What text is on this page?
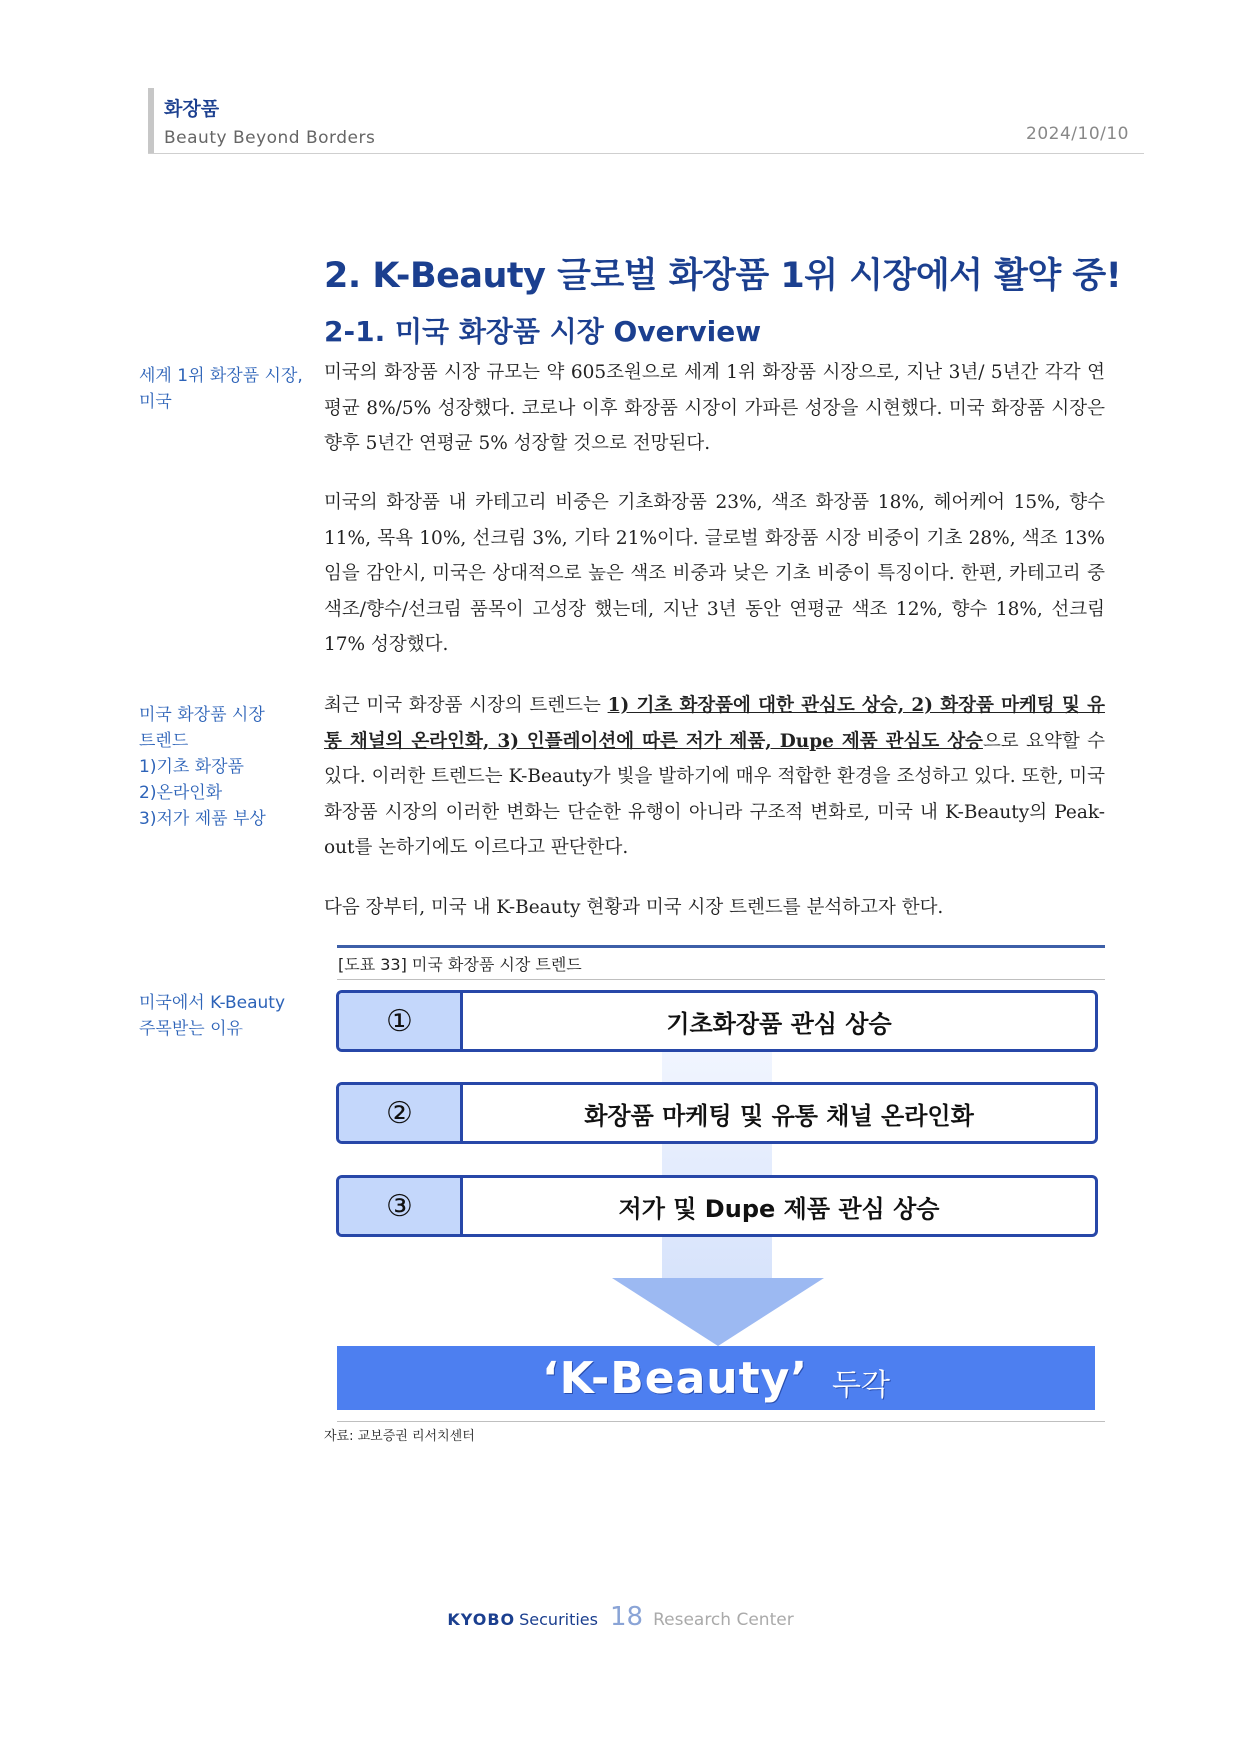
화장품
Beauty Beyond Borders	2024/10/10
2. K-Beauty 글로벌 화장품 1위 시장에서 활약 중!
2-1. 미국 화장품 시장 Overview
세계 1위 화장품 시장,
미국
미국 화장품 시장
트렌드
1)기초 화장품
2)온라인화
3)저가 제품 부상
미국에서 K-Beauty
주목받는 이유

미국의 화장품 시장 규모는 약 605조원으로 세계 1위 화장품 시장으로, 지난 3년/ 5년간 각각 연평균 8%/5% 성장했다. 코로나 이후 화장품 시장이 가파른 성장을 시현했다. 미국 화장품 시장은 향후 5년간 연평균 5% 성장할 것으로 전망된다.

미국의 화장품 내 카테고리 비중은 기초화장품 23%, 색조 화장품 18%, 헤어케어 15%, 향수 11%, 목욕 10%, 선크림 3%, 기타 21%이다. 글로벌 화장품 시장 비중이 기초 28%, 색조 13%임을 감안시, 미국은 상대적으로 높은 색조 비중과 낮은 기초 비중이 특징이다. 한편, 카테고리 중 색조/향수/선크림 품목이 고성장 했는데, 지난 3년 동안 연평균 색조 12%, 향수 18%, 선크림 17% 성장했다.

최근 미국 화장품 시장의 트렌드는 1) 기초 화장품에 대한 관심도 상승, 2) 화장품 마케팅 및 유통 채널의 온라인화, 3) 인플레이션에 따른 저가 제품, Dupe 제품 관심도 상승으로 요약할 수 있다. 이러한 트렌드는 K-Beauty가 빛을 발하기에 매우 적합한 환경을 조성하고 있다. 또한, 미국 화장품 시장의 이러한 변화는 단순한 유행이 아니라 구조적 변화로, 미국 내 K-Beauty의 Peak-out를 논하기에도 이르다고 판단한다.

다음 장부터, 미국 내 K-Beauty 현황과 미국 시장 트렌드를 분석하고자 한다.

[도표 33] 미국 화장품 시장 트렌드
①	기초화장품 관심 상승
②	화장품 마케팅 및 유통 채널 온라인화
③	저가 및 Dupe 제품 관심 상승
‘K-Beauty’ 두각
자료: 교보증권 리서치센터
KYOBO Securities 18 Research Center
